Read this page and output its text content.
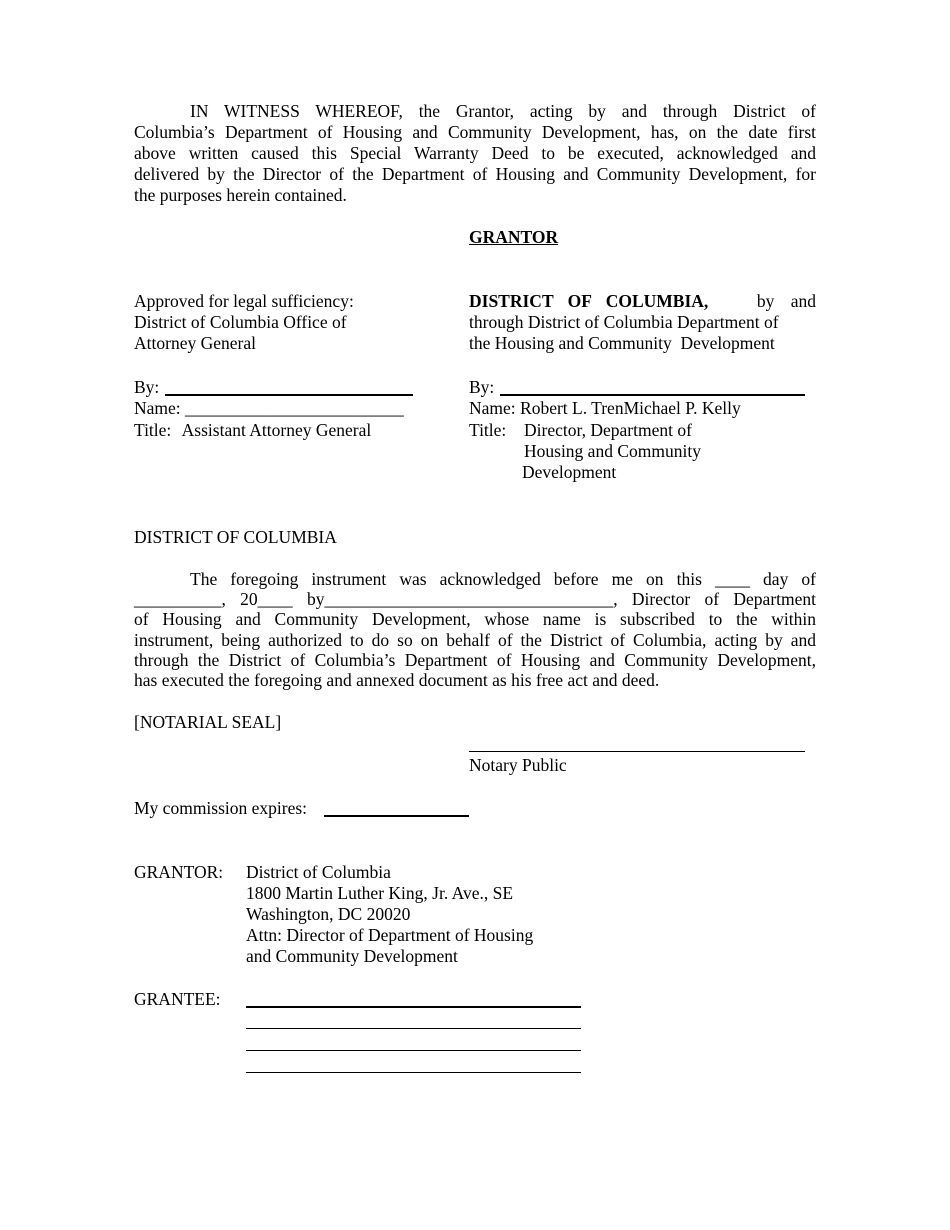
IN WITNESS WHEREOF, the Grantor, acting by and through District of
Columbia’s Department of Housing and Community Development, has, on the date first
above written caused this Special Warranty Deed to be executed, acknowledged and
delivered by the Director of the Department of Housing and Community Development, for
the purposes herein contained.
GRANTOR
Approved for legal sufficiency:
District of Columbia Office of
Attorney General
By:
Name: _________________________
Title: Assistant Attorney General
DISTRICT OF COLUMBIA,	by and
through District of Columbia Department of
the Housing and Community  Development
By:
Name: Robert L. TrenMichael P. Kelly
Title: Director, Department of
Housing and Community
Development
DISTRICT OF COLUMBIA
The foregoing instrument was acknowledged before me on this ____ day of
__________, 20____ by_________________________________, Director of Department
of Housing and Community Development, whose name is subscribed to the within
instrument, being authorized to do so on behalf of the District of Columbia, acting by and
through the District of Columbia’s Department of Housing and Community Development,
has executed the foregoing and annexed document as his free act and deed.
[NOTARIAL SEAL]
Notary Public
My commission expires:
GRANTOR: District of Columbia
1800 Martin Luther King, Jr. Ave., SE
Washington, DC 20020
Attn: Director of Department of Housing
and Community Development
GRANTEE:
